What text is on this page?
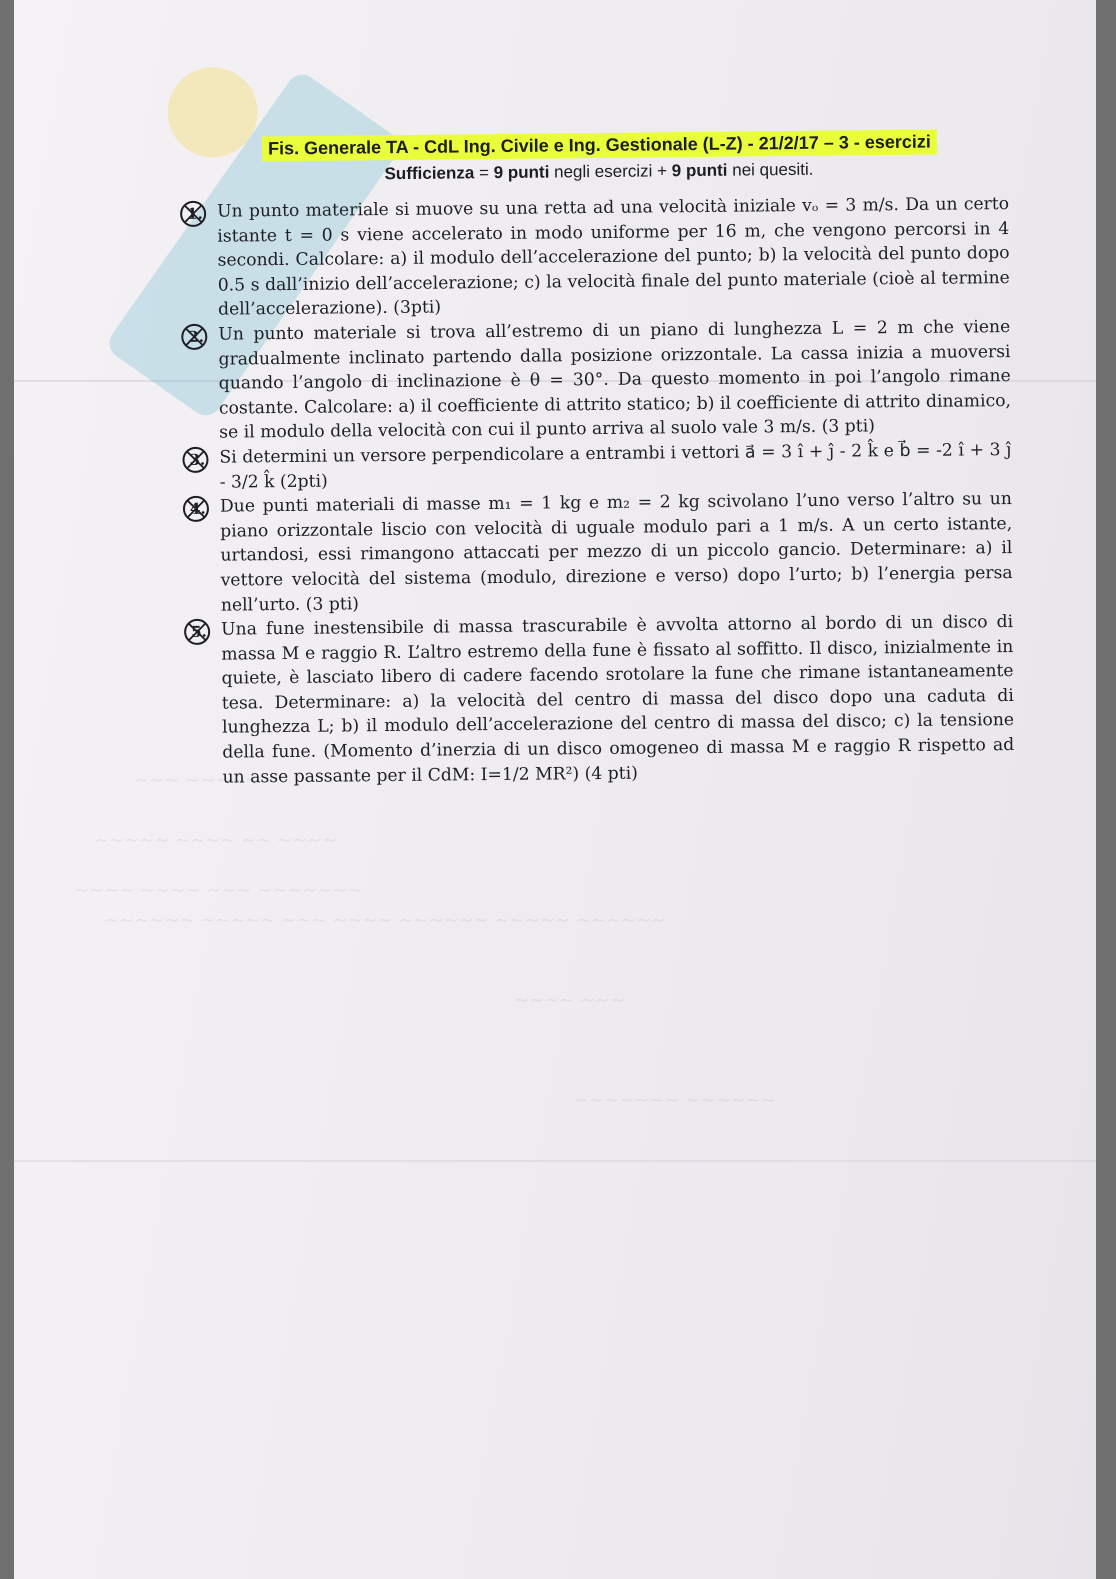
~~~ ~~~~~
~~~~~ ~~~~ ~~ ~~~~
~~~~ ~~~~ ~~~ ~~~~~~~
~~~~~~ ~~~~~ ~~~ ~~~~ ~~~~~~ ~~~~~ ~~~~~~
~~~~ ~~~
~~~~~~~ ~~~~~~
Fis. Generale TA - CdL Ing. Civile e Ing. Gestionale (L-Z) - 21/2/17 – 3 - esercizi
Sufficienza = 9 punti negli esercizi + 9 punti nei quesiti.
1. Un punto materiale si muove su una retta ad una velocità iniziale vₒ = 3 m/s. Da un certo istante t = 0 s viene accelerato in modo uniforme per 16 m, che vengono percorsi in 4 secondi. Calcolare: a) il modulo dell’accelerazione del punto; b) la velocità del punto dopo 0.5 s dall’inizio dell’accelerazione; c) la velocità finale del punto materiale (cioè al termine dell’accelerazione). (3pti)
2. Un punto materiale si trova all’estremo di un piano di lunghezza L = 2 m che viene gradualmente inclinato partendo dalla posizione orizzontale. La cassa inizia a muoversi quando l’angolo di inclinazione è θ = 30°. Da questo momento in poi l’angolo rimane costante. Calcolare: a) il coefficiente di attrito statico; b) il coefficiente di attrito dinamico, se il modulo della velocità con cui il punto arriva al suolo vale 3 m/s. (3 pti)
3. Si determini un versore perpendicolare a entrambi i vettori a⃗ = 3 î + ĵ - 2 k̂ e b⃗ = -2 î + 3 ĵ - 3/2 k̂ (2pti)
4. Due punti materiali di masse m₁ = 1 kg e m₂ = 2 kg scivolano l’uno verso l’altro su un piano orizzontale liscio con velocità di uguale modulo pari a 1 m/s. A un certo istante, urtandosi, essi rimangono attaccati per mezzo di un piccolo gancio. Determinare: a) il vettore velocità del sistema (modulo, direzione e verso) dopo l’urto; b) l’energia persa nell’urto. (3 pti)
5. Una fune inestensibile di massa trascurabile è avvolta attorno al bordo di un disco di massa M e raggio R. L’altro estremo della fune è fissato al soffitto. Il disco, inizialmente in quiete, è lasciato libero di cadere facendo srotolare la fune che rimane istantaneamente tesa. Determinare: a) la velocità del centro di massa del disco dopo una caduta di lunghezza L; b) il modulo dell’accelerazione del centro di massa del disco; c) la tensione della fune. (Momento d’inerzia di un disco omogeneo di massa M e raggio R rispetto ad un asse passante per il CdM: I=1/2 MR²) (4 pti)
